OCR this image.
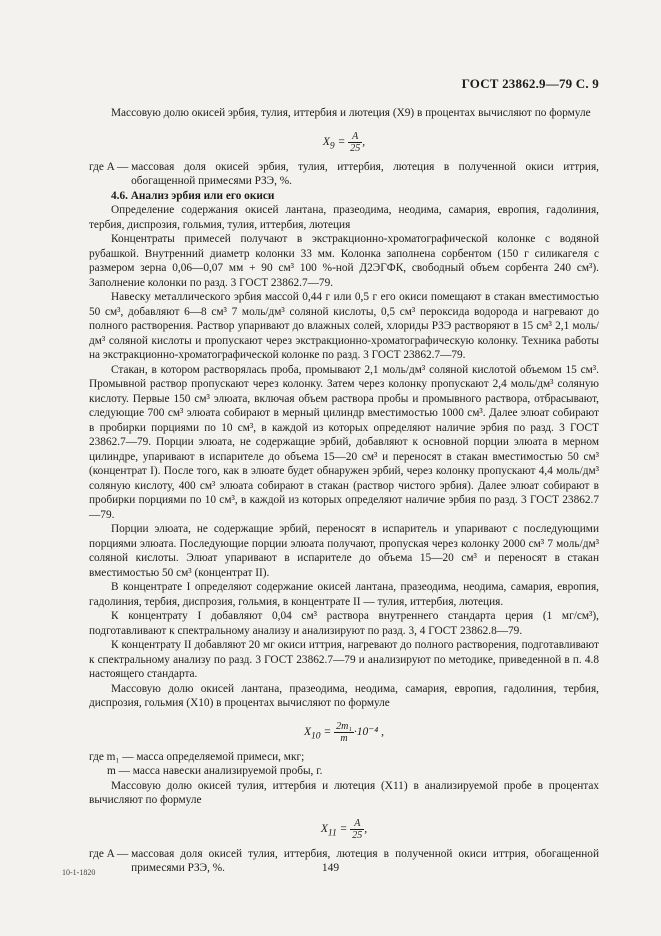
ГОСТ 23862.9—79 С. 9

Массовую долю окисей эрбия, тулия, иттербия и лютеция (X9) в процентах вычисляют по формуле

$X_9 = \frac{A}{25}$ ,
где A —
массовая доля окисей эрбия, тулия, иттербия, лютеция в полученной окиси иттрия, обогащенной примесями РЗЭ, %.

4.6. Анализ эрбия или его окиси

Определение содержания окисей лантана, празеодима, неодима, самария, европия, гадолиния, тербия, диспрозия, гольмия, тулия, иттербия, лютеция

Концентраты примесей получают в экстракционно-хроматографической колонке с водяной рубашкой. Внутренний диаметр колонки 33 мм. Колонка заполнена сорбентом (150 г силикагеля с размером зерна 0,06—0,07 мм + 90 см³ 100 %-ной Д2ЭГФК, свободный объем сорбента 240 см³). Заполнение колонки по разд. 3 ГОСТ 23862.7—79.

Навеску металлического эрбия массой 0,44 г или 0,5 г его окиси помещают в стакан вместимостью 50 см³, добавляют 6—8 см³ 7 моль/дм³ соляной кислоты, 0,5 см³ пероксида водорода и нагревают до полного растворения. Раствор упаривают до влажных солей, хлориды РЗЭ растворяют в 15 см³ 2,1 моль/дм³ соляной кислоты и пропускают через экстракционно-хроматографическую колонку. Техника работы на экстракционно-хроматографической колонке по разд. 3 ГОСТ 23862.7—79.

Стакан, в котором растворялась проба, промывают 2,1 моль/дм³ соляной кислотой объемом 15 см³. Промывной раствор пропускают через колонку. Затем через колонку пропускают 2,4 моль/дм³ соляную кислоту. Первые 150 см³ элюата, включая объем раствора пробы и промывного раствора, отбрасывают, следующие 700 см³ элюата собирают в мерный цилиндр вместимостью 1000 см³. Далее элюат собирают в пробирки порциями по 10 см³, в каждой из которых определяют наличие эрбия по разд. 3 ГОСТ 23862.7—79. Порции элюата, не содержащие эрбий, добавляют к основной порции элюата в мерном цилиндре, упаривают в испарителе до объема 15—20 см³ и переносят в стакан вместимостью 50 см³ (концентрат I). После того, как в элюате будет обнаружен эрбий, через колонку пропускают 4,4 моль/дм³ соляную кислоту, 400 см³ элюата собирают в стакан (раствор чистого эрбия). Далее элюат собирают в пробирки порциями по 10 см³, в каждой из которых определяют наличие эрбия по разд. 3 ГОСТ 23862.7—79.

Порции элюата, не содержащие эрбий, переносят в испаритель и упаривают с последующими порциями элюата. Последующие порции элюата получают, пропуская через колонку 2000 см³ 7 моль/дм³ соляной кислоты. Элюат упаривают в испарителе до объема 15—20 см³ и переносят в стакан вместимостью 50 см³ (концентрат II).

В концентрате I определяют содержание окисей лантана, празеодима, неодима, самария, европия, гадолиния, тербия, диспрозия, гольмия, в концентрате II — тулия, иттербия, лютеция.

К концентрату I добавляют 0,04 см³ раствора внутреннего стандарта церия (1 мг/см³), подготавливают к спектральному анализу и анализируют по разд. 3, 4 ГОСТ 23862.8—79.

К концентрату II добавляют 20 мг окиси иттрия, нагревают до полного растворения, подготавливают к спектральному анализу по разд. 3 ГОСТ 23862.7—79 и анализируют по методике, приведенной в п. 4.8 настоящего стандарта.

Массовую долю окисей лантана, празеодима, неодима, самария, европия, гадолиния, тербия, диспрозия, гольмия (X10) в процентах вычисляют по формуле

$X_{10} = \frac{\text{2m₁}}{m} \cdot 10^{-4}$ ,
где m₁ —
масса определяемой примеси, мкг;
m —
масса навески анализируемой пробы, г.

Массовую долю окисей тулия, иттербия и лютеция (X11) в анализируемой пробе в процентах вычисляют по формуле

$X_{11} = \frac{A}{25}$ ,
где A —
массовая доля окисей тулия, иттербия, лютеция в полученной окиси иттрия, обогащенной примесями РЗЭ, %.
10-1-1820	149
